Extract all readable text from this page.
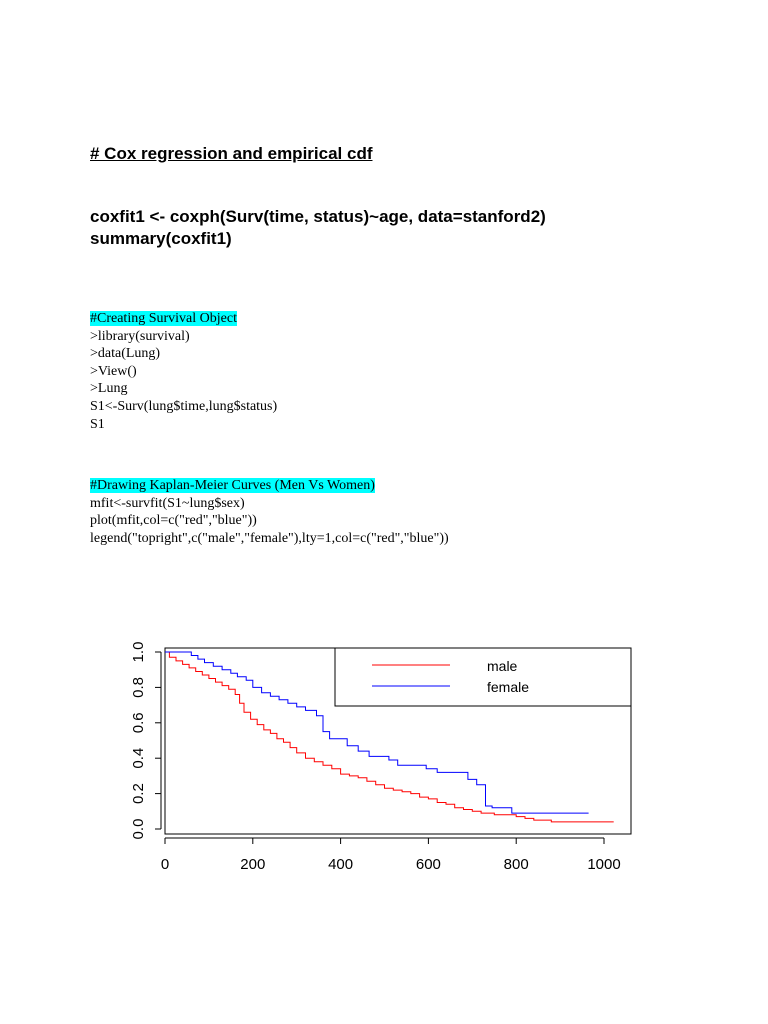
# Cox regression and empirical cdf
coxfit1 <- coxph(Surv(time, status)~age, data=stanford2)
summary(coxfit1)
#Creating Survival Object
>library(survival)
>data(Lung)
>View()
>Lung
S1<-Surv(lung$time,lung$status)
S1
#Drawing Kaplan-Meier Curves (Men Vs Women)
mfit<-survfit(S1~lung$sex)
plot(mfit,col=c("red","blue"))
legend("topright",c("male","female"),lty=1,col=c("red","blue"))
0	200	400	600	800	1000
0.0
0.2
0.4
0.6
0.8
1.0
male
female
